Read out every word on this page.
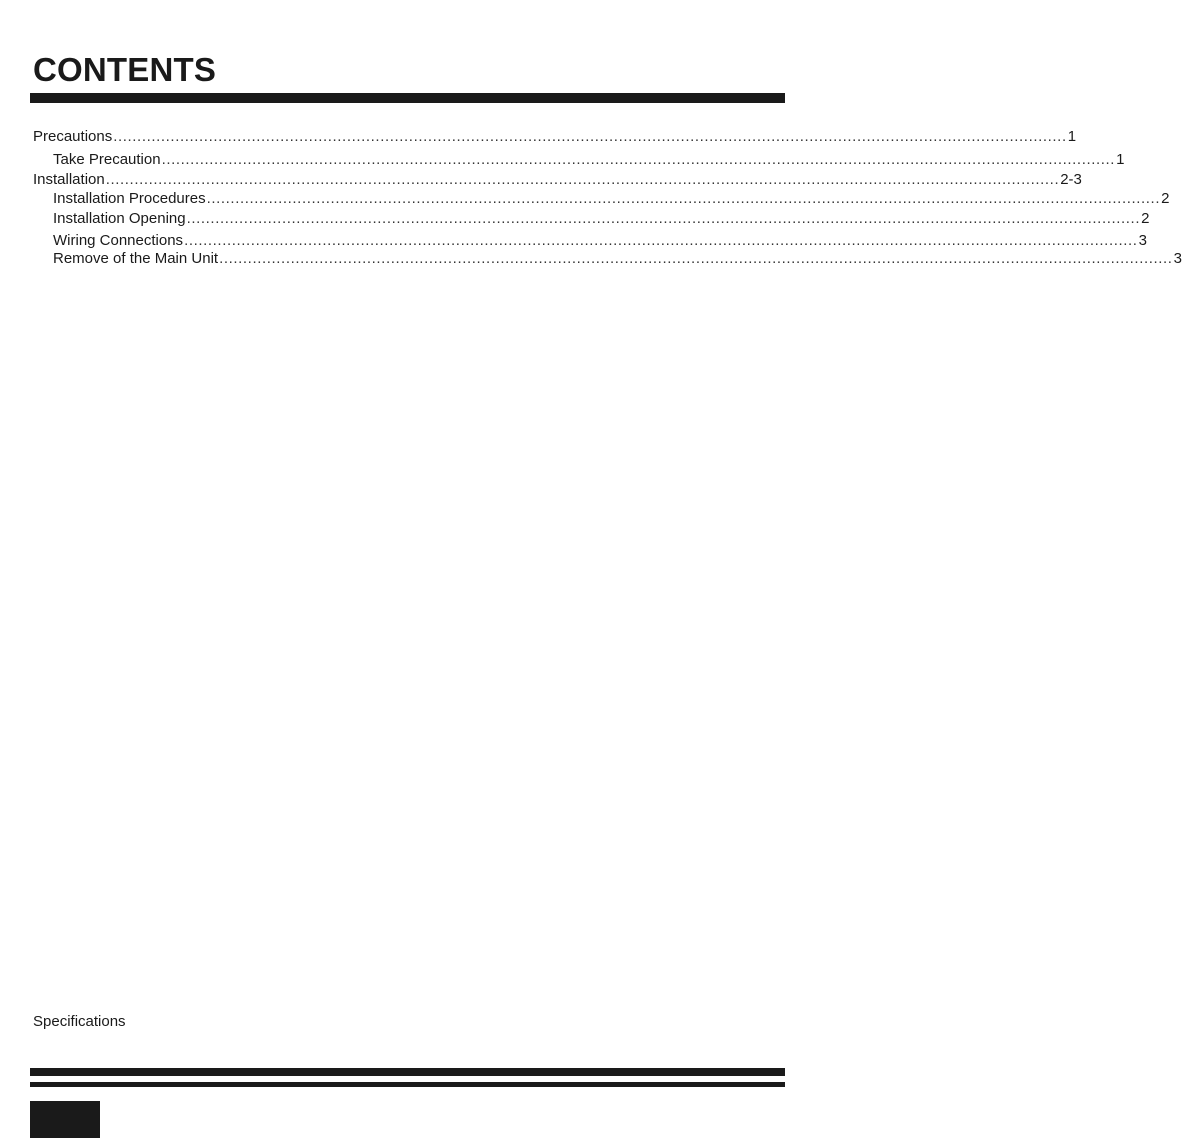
CONTENTS
Precautions ........................................................................................................................................................................................................ 1
Take Precaution ........................................................................................................................................................................................................ 1
Installation ........................................................................................................................................................................................................ 2-3
Installation Procedures ........................................................................................................................................................................................................ 2
Installation Opening ........................................................................................................................................................................................................ 2
Wiring Connections ........................................................................................................................................................................................................ 3
Remove of the Main Unit ........................................................................................................................................................................................................ 3
Specifications
